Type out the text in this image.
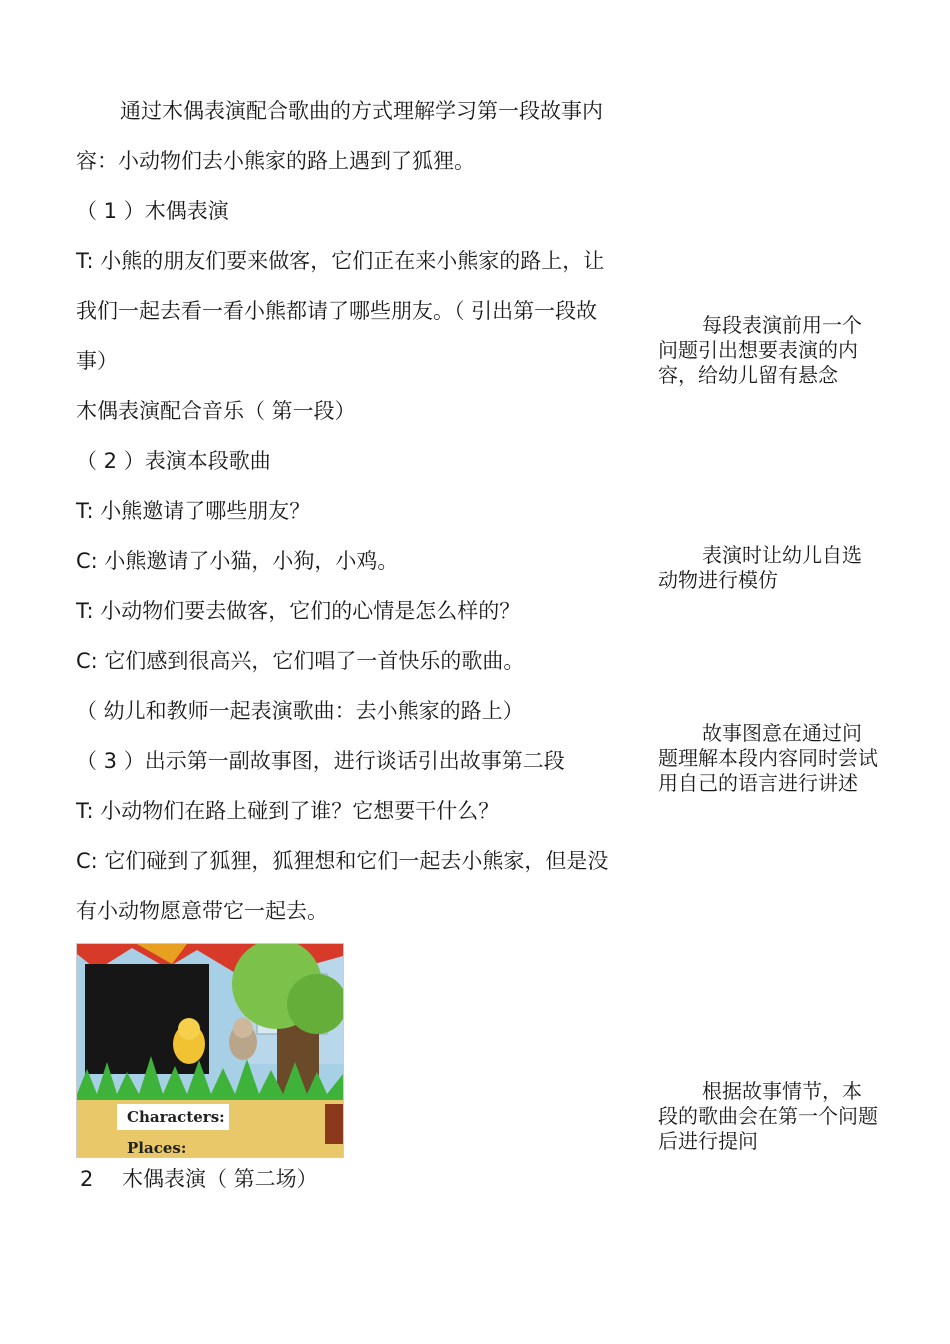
通过木偶表演配合歌曲的方式理解学习第一段故事内
容：小动物们去小熊家的路上遇到了狐狸。
（ 1 ）木偶表演
T: 小熊的朋友们要来做客，它们正在来小熊家的路上，让
我们一起去看一看小熊都请了哪些朋友。（ 引出第一段故
事）
木偶表演配合音乐（ 第一段）
（ 2 ）表演本段歌曲
T: 小熊邀请了哪些朋友？
C: 小熊邀请了小猫，小狗，小鸡。
T: 小动物们要去做客，它们的心情是怎么样的？
C: 它们感到很高兴，它们唱了一首快乐的歌曲。
（ 幼儿和教师一起表演歌曲：去小熊家的路上）
（ 3 ）出示第一副故事图，进行谈话引出故事第二段
T: 小动物们在路上碰到了谁？它想要干什么？
C: 它们碰到了狐狸，狐狸想和它们一起去小熊家，但是没
有小动物愿意带它一起去。
每段表演前用一个
问题引出想要表演的内容，给幼儿留有悬念
表演时让幼儿自选
动物进行模仿
故事图意在通过问
题理解本段内容同时尝试用自己的语言进行讲述
根据故事情节，本
段的歌曲会在第一个问题后进行提问
Characters:
Places:
2 木偶表演（ 第二场）
